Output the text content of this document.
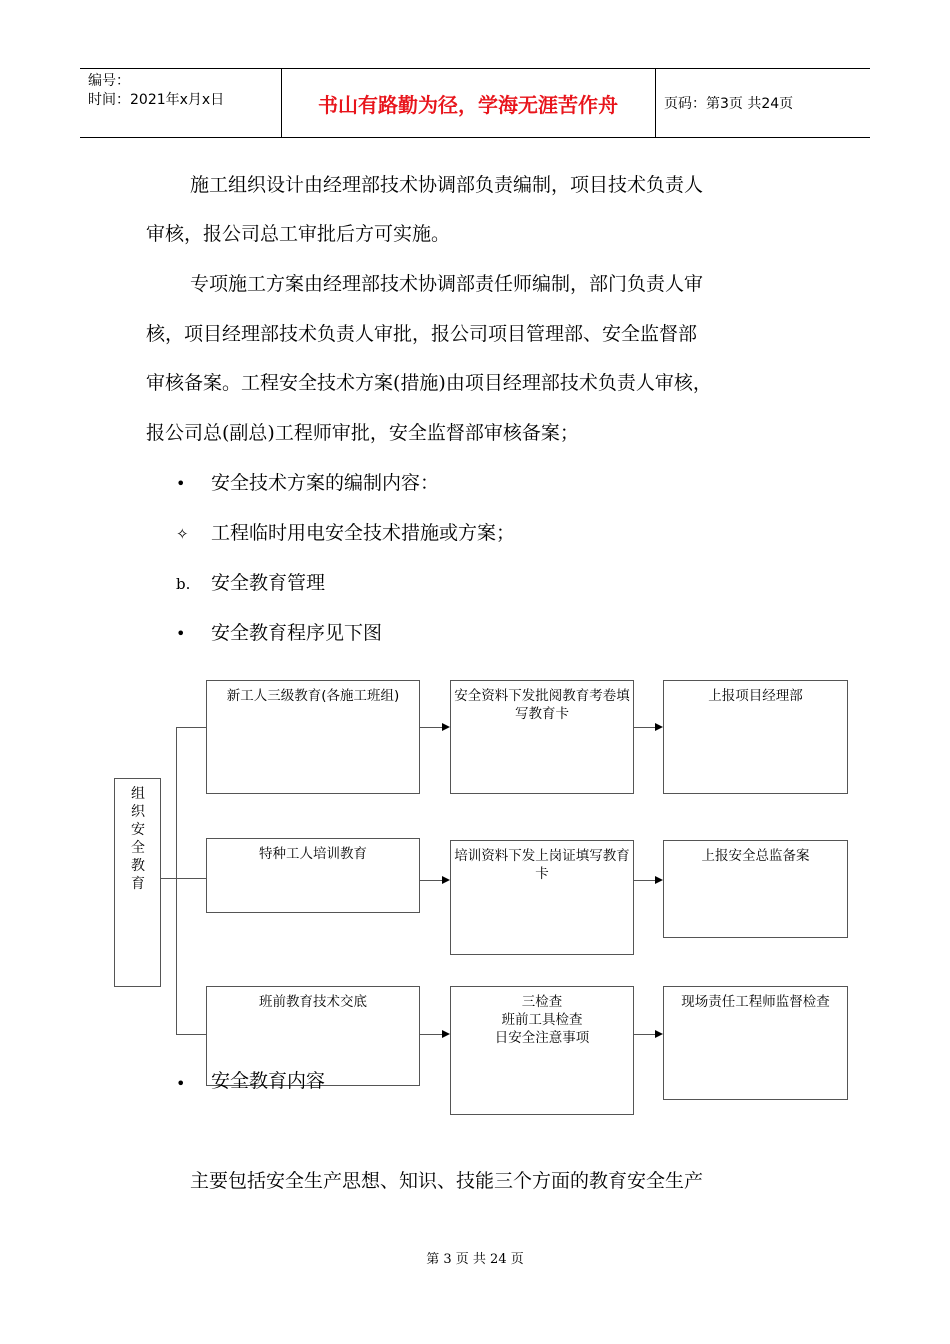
编号：
时间：2021年x月x日	书山有路勤为径，学海无涯苦作舟	页码：第3页 共24页
施工组织设计由经理部技术协调部负责编制，项目技术负责人
审核，报公司总工审批后方可实施。
专项施工方案由经理部技术协调部责任师编制，部门负责人审
核，项目经理部技术负责人审批，报公司项目管理部、安全监督部
审核备案。工程安全技术方案(措施)由项目经理部技术负责人审核，
报公司总(副总)工程师审批，安全监督部审核备案；
• 安全技术方案的编制内容：
✧ 工程临时用电安全技术措施或方案；
b. 安全教育管理
• 安全教育程序见下图
组
织
安
全
教
育
新工人三级教育(各施工班组)	安全资料下发批阅教育考卷填写教育卡
上报项目经理部
特种工人培训教育	培训资料下发上岗证填写教育卡
上报安全总监备案
班前教育技术交底	三检查
班前工具检查
日安全注意事项
现场责任工程师监督检查
• 安全教育内容
主要包括安全生产思想、知识、技能三个方面的教育安全生产
第 3 页 共 24 页
